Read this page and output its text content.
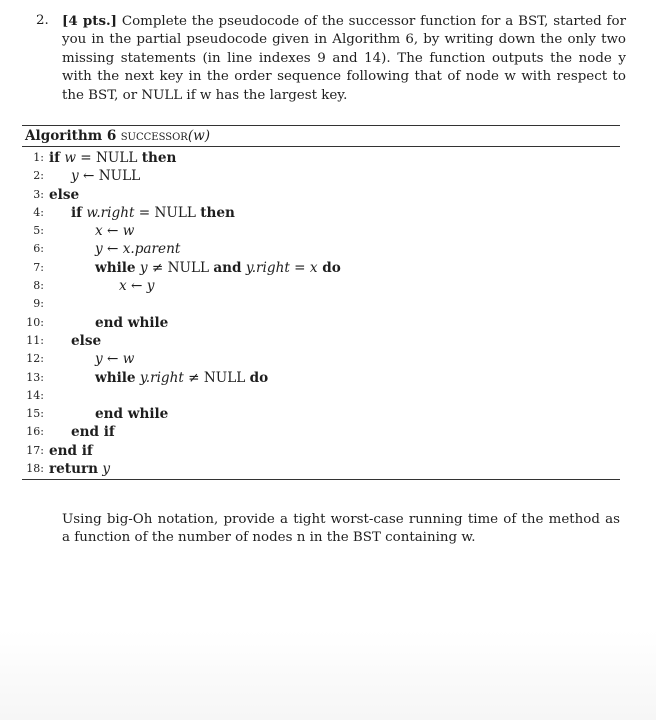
2. [4 pts.] Complete the pseudocode of the successor function for a BST, started for you in the partial pseudocode given in Algorithm 6, by writing down the only two missing statements (in line indexes 9 and 14). The function outputs the node y with the next key in the order sequence following that of node w with respect to the BST, or NULL if w has the largest key.
Algorithm 6 successor(w)
1: if w = NULL then
2:	y ← NULL
3: else
4:	if w.right = NULL then
5:	x ← w
6:	y ← x.parent
7:	while y ≠ NULL and y.right = x do
8:	x ← y
9:
10:	end while
11:	else
12:	y ← w
13:	while y.right ≠ NULL do
14:
15:	end while
16:	end if
17: end if
18: return y
Using big-Oh notation, provide a tight worst-case running time of the method as a function of the number of nodes n in the BST containing w.
